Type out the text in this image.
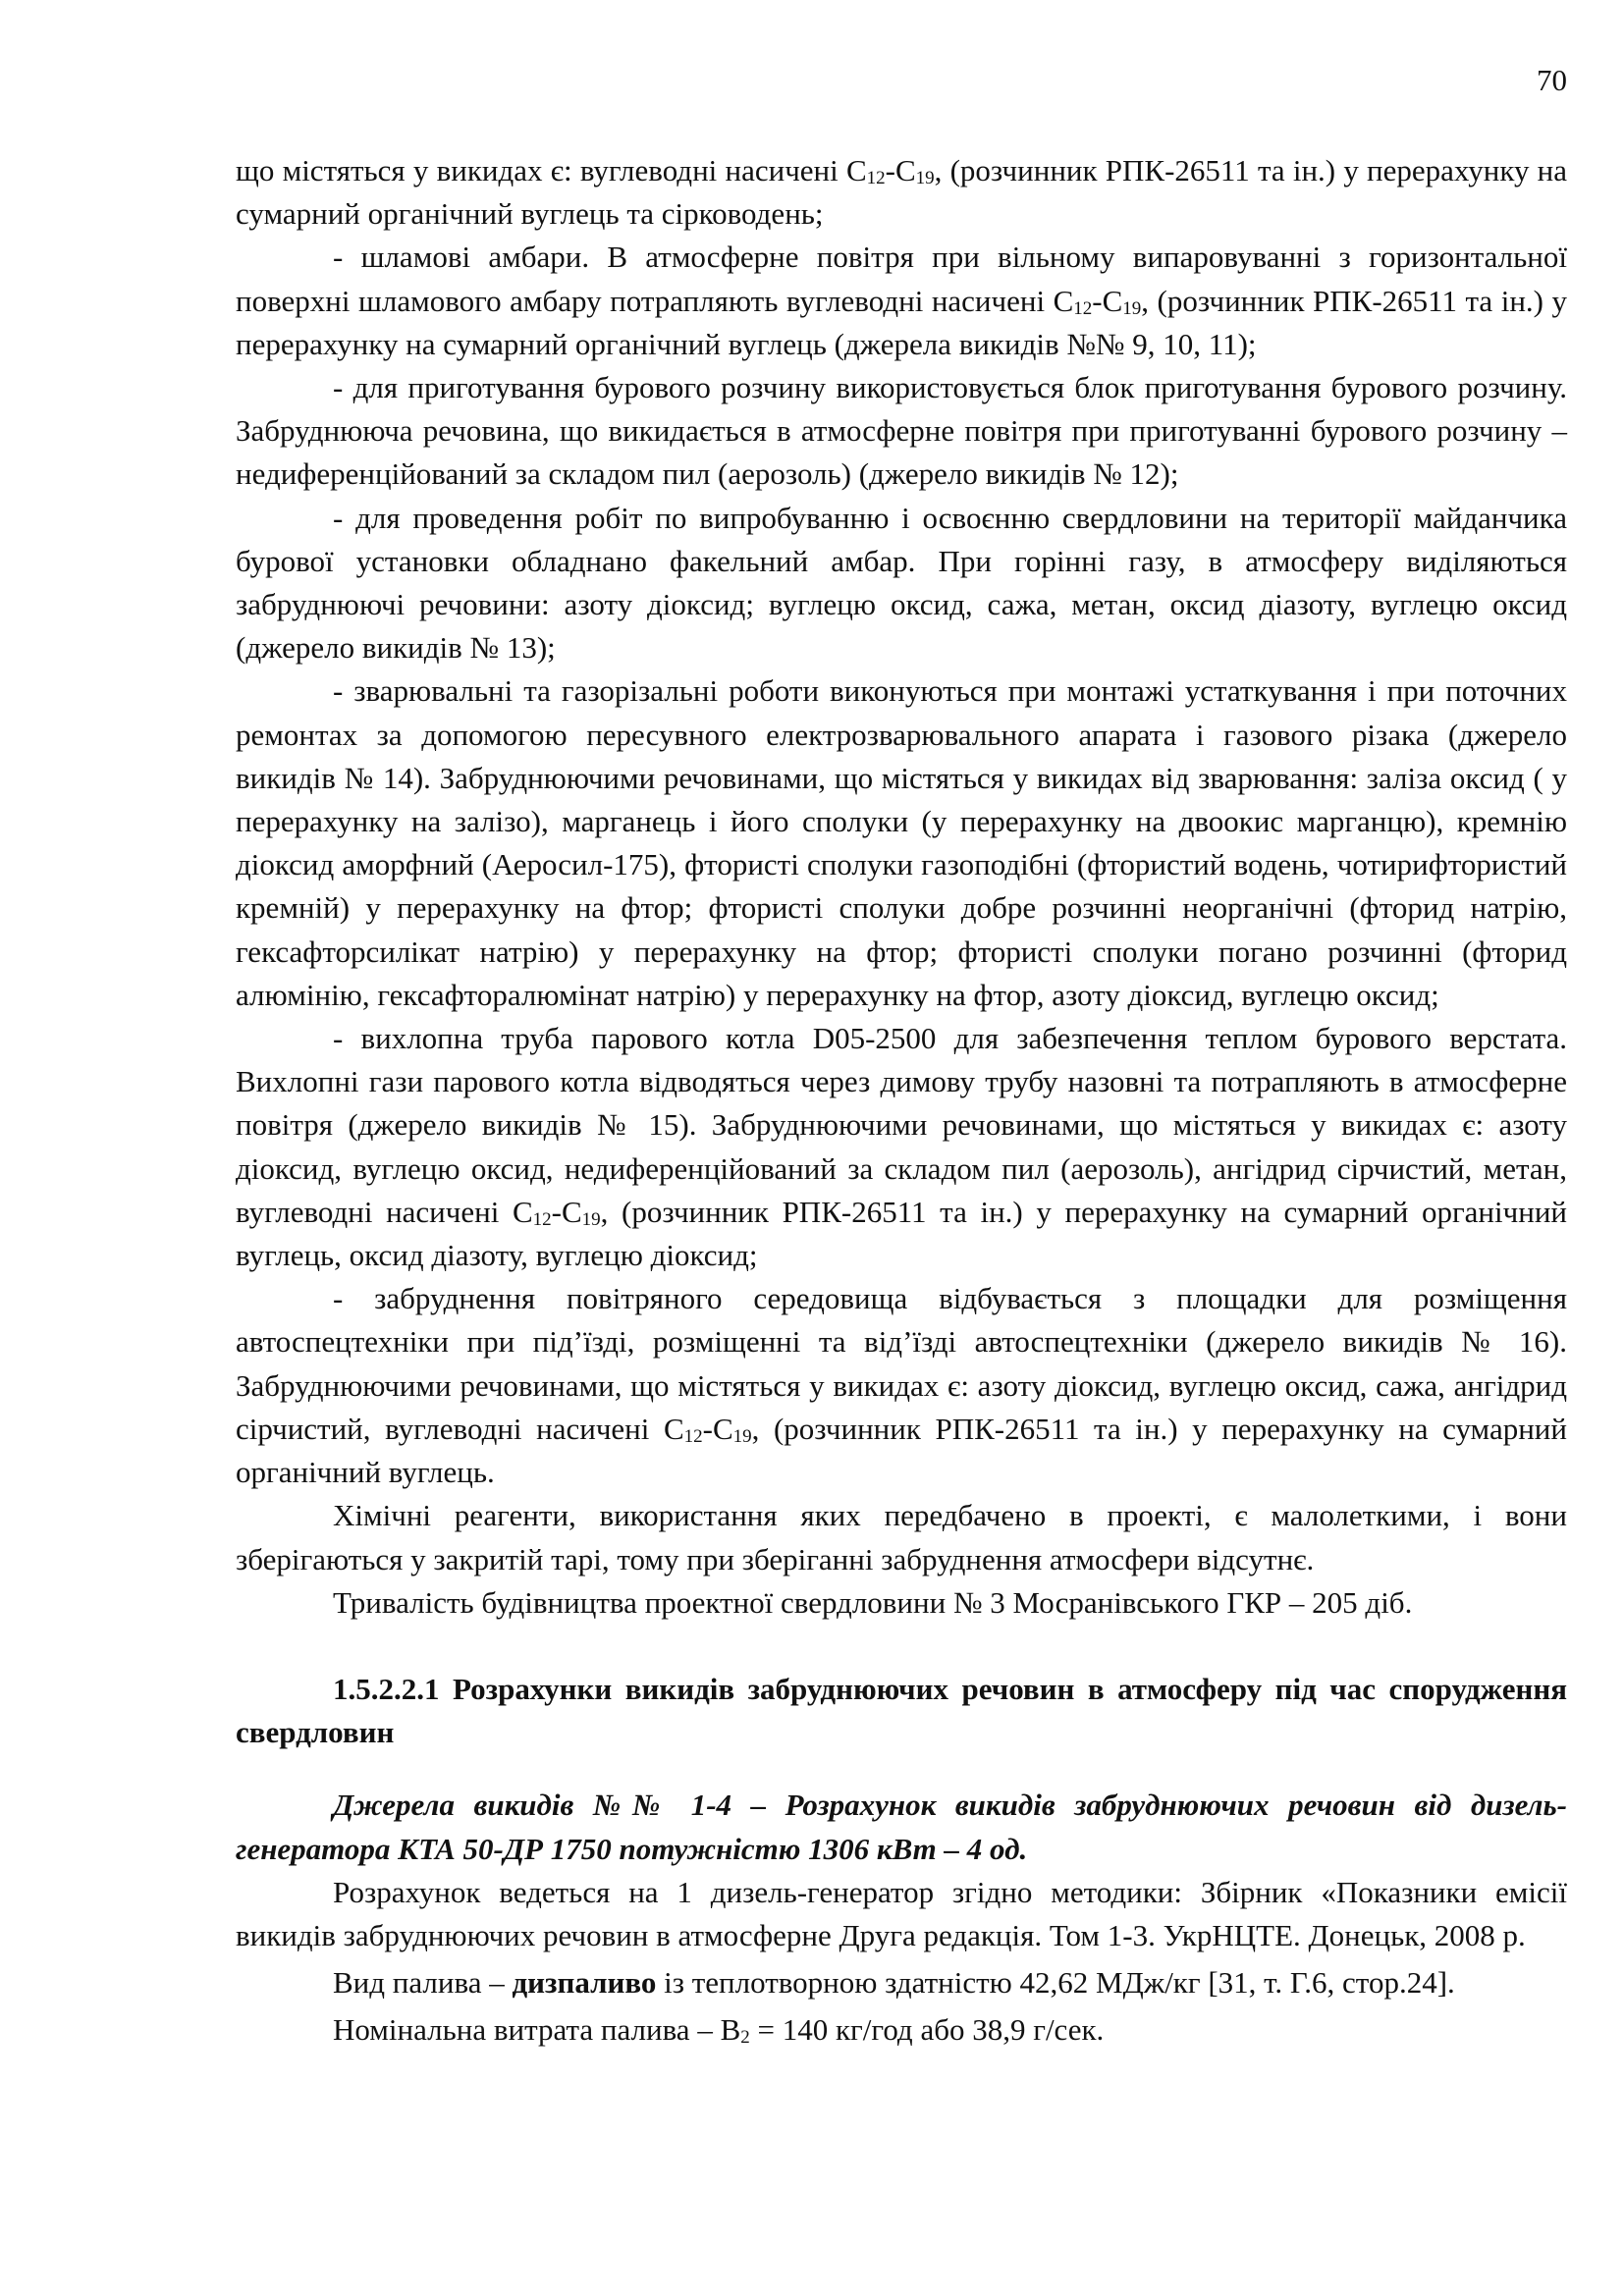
70

що містяться у викидах є: вуглеводні насичені $С_{12}-С_{19}$, (розчинник РПК-26511 та ін.) у перерахунку на сумарний органічний вуглець та сірководень;

- шламові амбари. В атмосферне повітря при вільному випаровуванні з горизонтальної поверхні шламового амбару потрапляють вуглеводні насичені $С_{12}-С_{19}$, (розчинник РПК-26511 та ін.) у перерахунку на сумарний органічний вуглець (джерела викидів №№ 9, 10, 11);

- для приготування бурового розчину використовується блок приготування бурового розчину. Забруднююча речовина, що викидається в атмосферне повітря при приготуванні бурового розчину – недиференційований за складом пил (аерозоль) (джерело викидів № 12);

- для проведення робіт по випробуванню і освоєнню свердловини на території майданчика бурової установки обладнано факельний амбар. При горінні газу, в атмосферу виділяються забруднюючі речовини: азоту діоксид; вуглецю оксид, сажа, метан, оксид діазоту, вуглецю оксид (джерело викидів № 13);

- зварювальні та газорізальні роботи виконуються при монтажі устаткування і при поточних ремонтах за допомогою пересувного електрозварювального апарата і газового різака (джерело викидів № 14). Забруднюючими речовинами, що містяться у викидах від зварювання: заліза оксид ( у перерахунку на залізо), марганець і його сполуки (у перерахунку на двоокис марганцю), кремнію діоксид аморфний (Аеросил-175), фтористі сполуки газоподібні (фтористий водень, чотирифтористий кремній) у перерахунку на фтор; фтористі сполуки добре розчинні неорганічні (фторид натрію, гексафторсилікат натрію) у перерахунку на фтор; фтористі сполуки погано розчинні (фторид алюмінію, гексафторалюмінат натрію) у перерахунку на фтор, азоту діоксид, вуглецю оксид;

- вихлопна труба парового котла D05-2500 для забезпечення теплом бурового верстата. Вихлопні гази парового котла відводяться через димову трубу назовні та потрапляють в атмосферне повітря (джерело викидів № 15). Забруднюючими речовинами, що містяться у викидах є: азоту діоксид, вуглецю оксид, недиференційований за складом пил (аерозоль), ангідрид сірчистий, метан, вуглеводні насичені $С_{12}-С_{19}$, (розчинник РПК-26511 та ін.) у перерахунку на сумарний органічний вуглець, оксид діазоту, вуглецю діоксид;

- забруднення повітряного середовища відбувається з площадки для розміщення автоспецтехніки при під’їзді, розміщенні та від’їзді автоспецтехніки (джерело викидів № 16). Забруднюючими речовинами, що містяться у викидах є: азоту діоксид, вуглецю оксид, сажа, ангідрид сірчистий, вуглеводні насичені $С_{12}-С_{19}$, (розчинник РПК-26511 та ін.) у перерахунку на сумарний органічний вуглець.

Хімічні реагенти, використання яких передбачено в проекті, є малолеткими, і вони зберігаються у закритій тарі, тому при зберіганні забруднення атмосфери відсутнє.

Тривалість будівництва проектної свердловини № 3 Мосpанівського ГКР – 205 діб.

1.5.2.2.1 Розрахунки викидів забруднюючих речовин в атмосферу під час спорудження свердловин

Джерела викидів №№ 1-4 – Розрахунок викидів забруднюючих речовин від дизель-генератора КТА 50-ДР 1750 потужністю 1306 кВт – 4 од.

Розрахунок ведеться на 1 дизель-генератор згідно методики: Збірник «Показники емісії викидів забруднюючих речовин в атмосферне Друга редакція. Том 1-3. УкрНЦТЕ. Донецьк, 2008 р.

Вид палива – дизпаливо із теплотворною здатністю 42,62 МДж/кг [31, т. Г.6, стор.24].

Номінальна витрата палива – $В_2 = 140$ кг/год або 38,9 г/сек.
